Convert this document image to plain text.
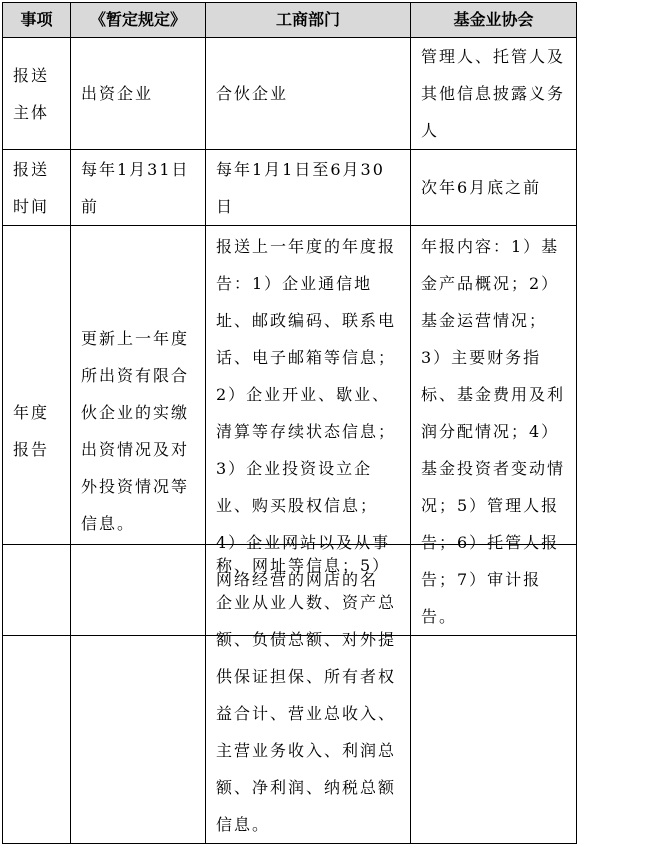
事项	《暂定规定》	工商部门	基金业协会
报送主体	出资企业	合伙企业	管理人、托管人及其他信息披露义务人
报送时间	每年1月31日前	每年1月1日至6月30日	次年6月底之前
年度报告	更新上一年度所出资有限合伙企业的实缴出资情况及对外投资情况等信息。	报送上一年度的年度报告：1）企业通信地址、邮政编码、联系电话、电子邮箱等信息；2）企业开业、歇业、清算等存续状态信息；3）企业投资设立企业、购买股权信息；4）企业网站以及从事网络经营的网店的名	年报内容：1）基金产品概况；2）基金运营情况；3）主要财务指标、基金费用及利润分配情况；4）基金投资者变动情况；5）管理人报告；6）托管人报告；7）审计报告。
		称、网址等信息；5）企业从业人数、资产总额、负债总额、对外提供保证担保、所有者权益合计、营业总收入、主营业务收入、利润总额、净利润、纳税总额信息。	
